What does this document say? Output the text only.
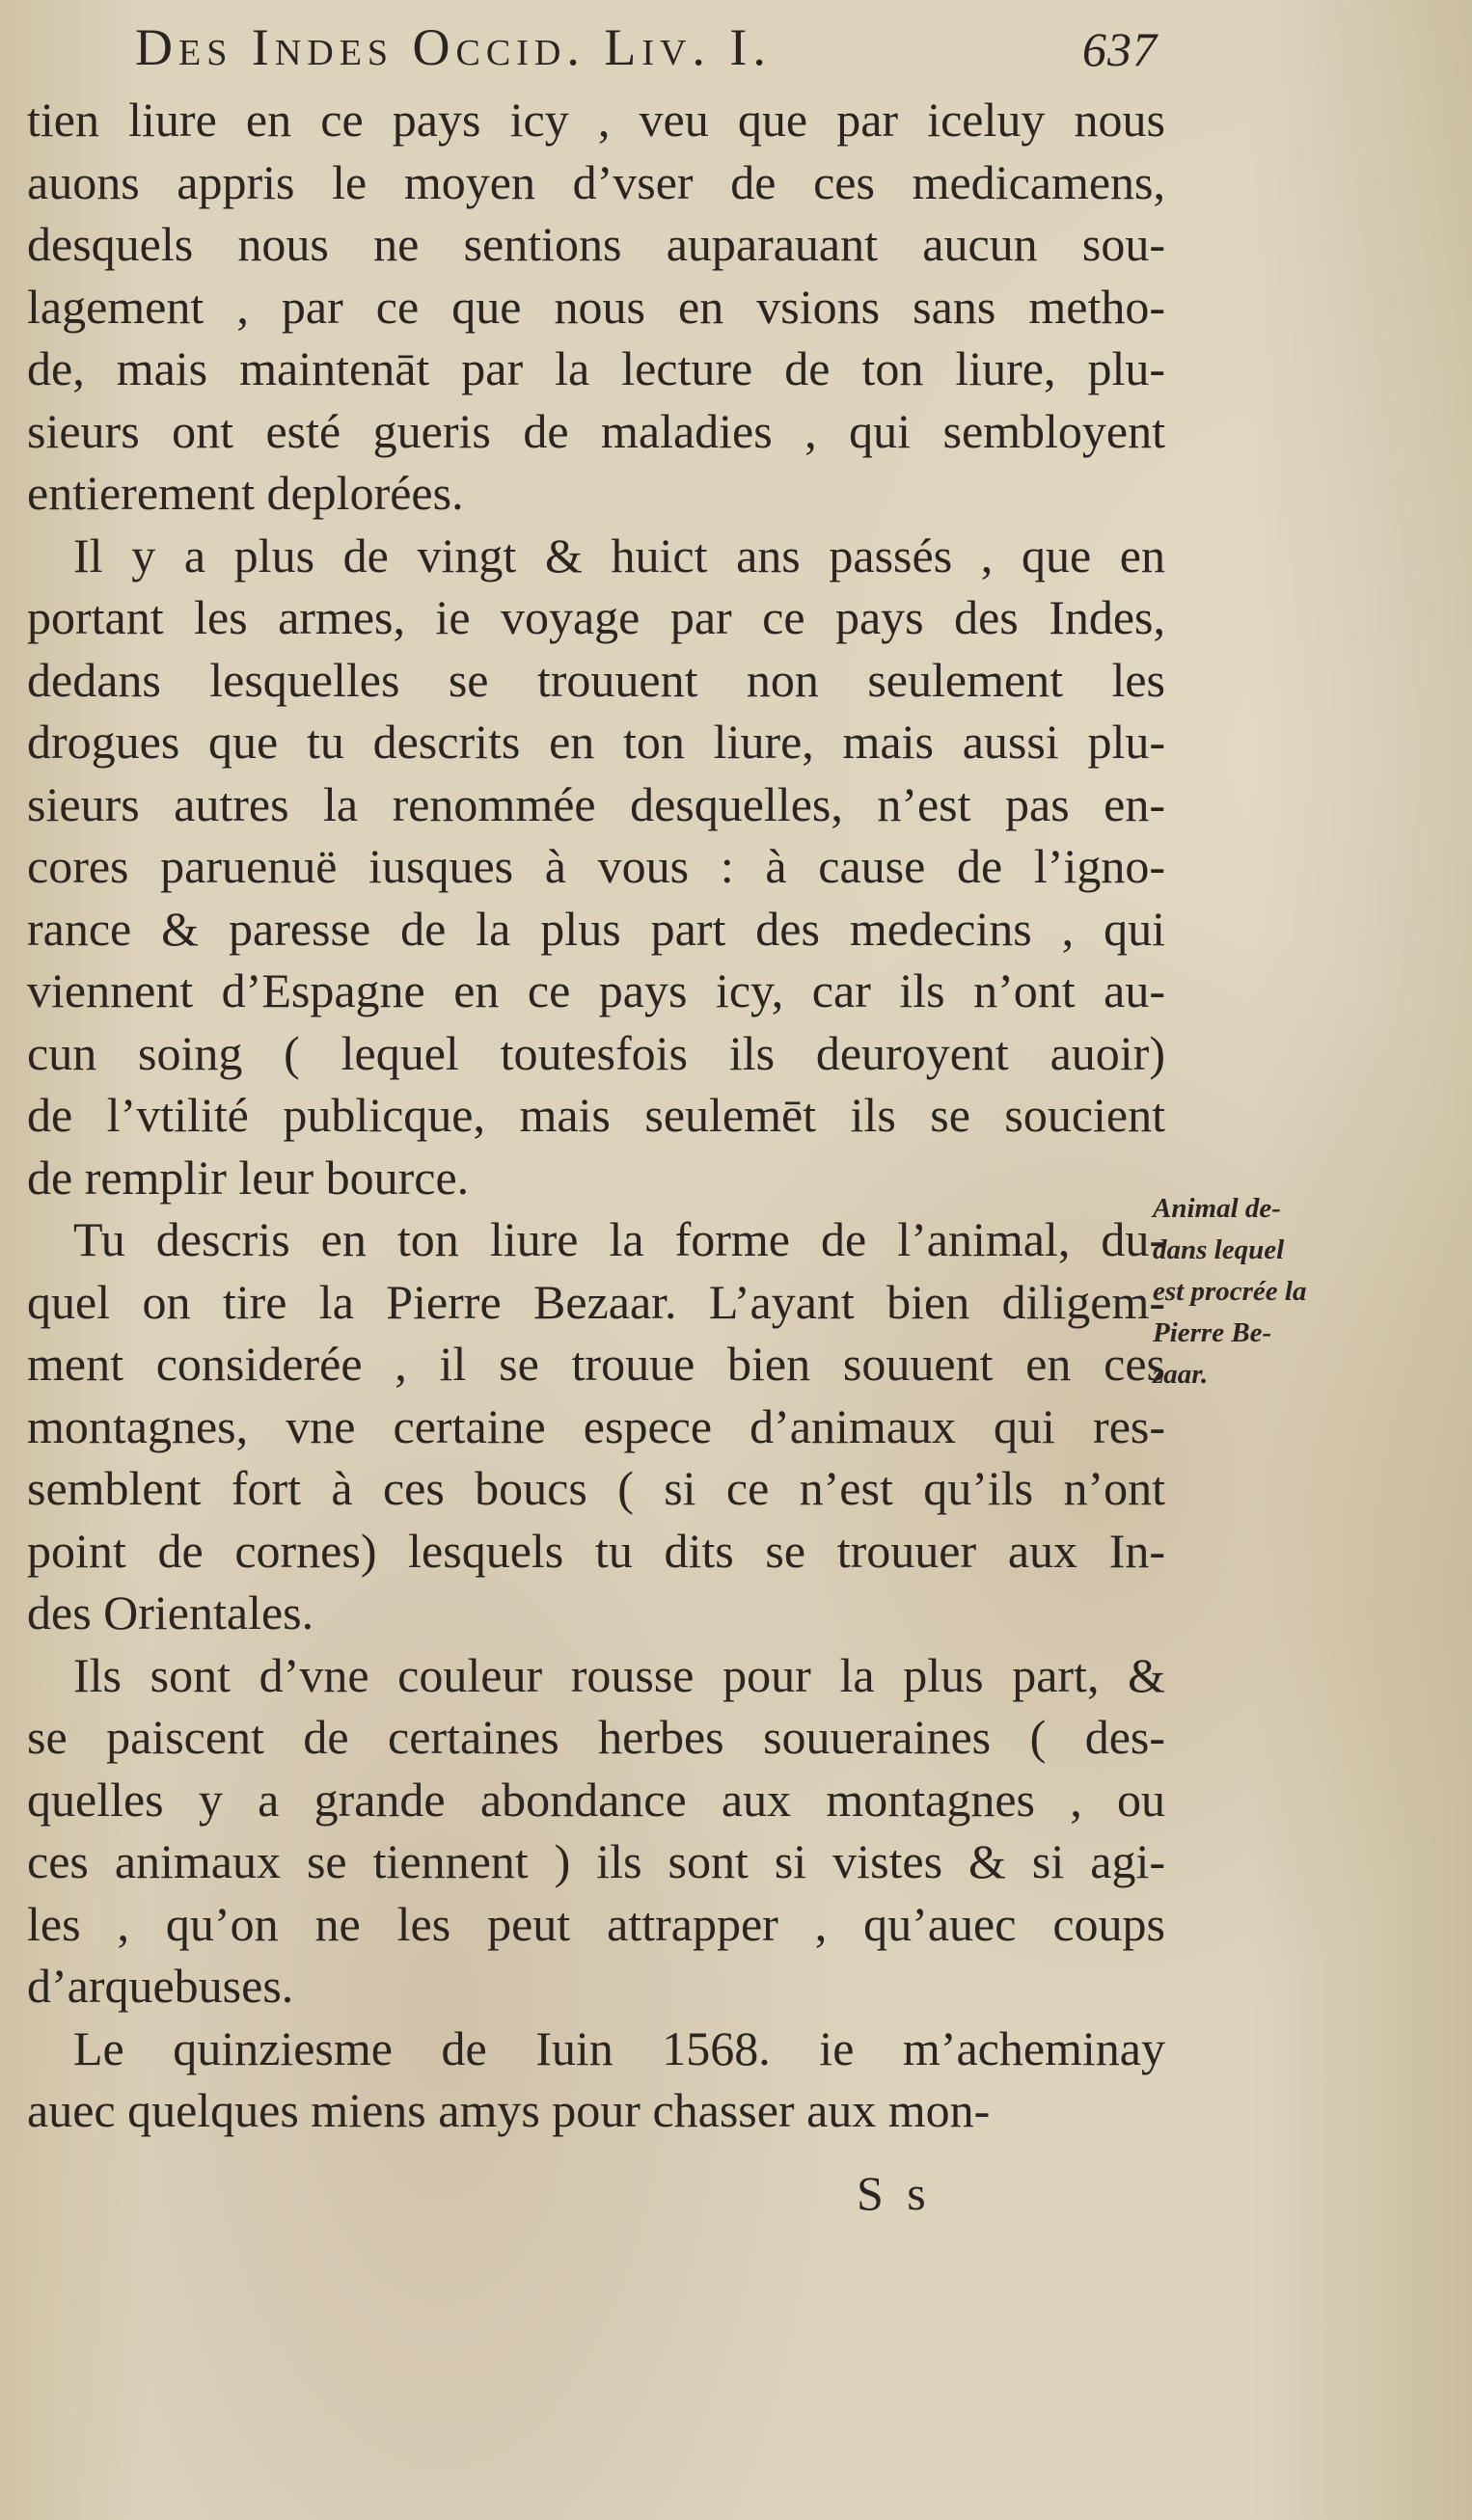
Des Indes Occid. Liv. I.	637
tien liure en ce pays icy , veu que par iceluy nous
auons appris le moyen d’vser de ces medicamens,
desquels nous ne sentions auparauant aucun sou-
lagement , par ce que nous en vsions sans metho-
de, mais maintenāt par la lecture de ton liure, plu-
sieurs ont esté gueris de maladies , qui sembloyent
entierement deplorées.
Il y a plus de vingt & huict ans passés , que en
portant les armes, ie voyage par ce pays des Indes,
dedans lesquelles se trouuent non seulement les
drogues que tu descrits en ton liure, mais aussi plu-
sieurs autres la renommée desquelles, n’est pas en-
cores paruenuë iusques à vous : à cause de l’igno-
rance & paresse de la plus part des medecins , qui
viennent d’Espagne en ce pays icy, car ils n’ont au-
cun soing ( lequel toutesfois ils deuroyent auoir)
de l’vtilité publicque, mais seulemēt ils se soucient
de remplir leur bource.
Tu descris en ton liure la forme de l’animal, du-
quel on tire la Pierre Bezaar. L’ayant bien diligem-
ment considerée , il se trouue bien souuent en ces
montagnes, vne certaine espece d’animaux qui res-
semblent fort à ces boucs ( si ce n’est qu’ils n’ont
point de cornes) lesquels tu dits se trouuer aux In-
des Orientales.
Ils sont d’vne couleur rousse pour la plus part, &
se paiscent de certaines herbes souueraines ( des-
quelles y a grande abondance aux montagnes , ou
ces animaux se tiennent ) ils sont si vistes & si agi-
les , qu’on ne les peut attrapper , qu’auec coups
d’arquebuses.
Le quinziesme de Iuin 1568. ie m’acheminay
auec quelques miens amys pour chasser aux mon-
Animal de-
dans lequel
est procrée la
Pierre Be-
zaar.
S s
